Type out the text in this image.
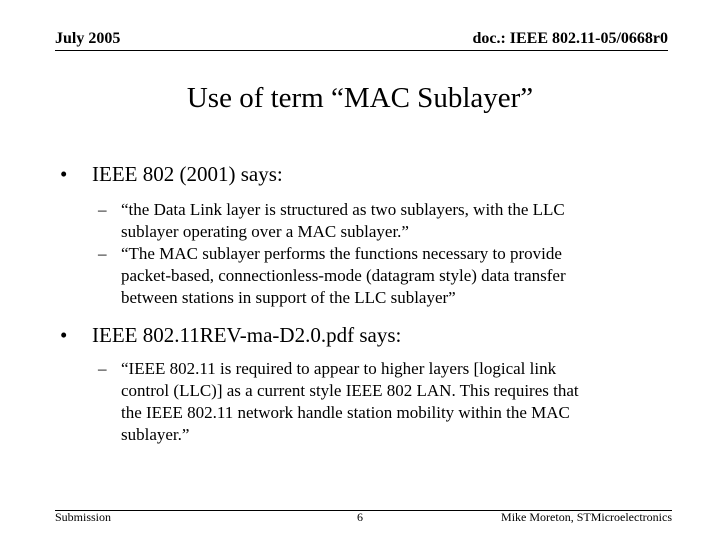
July 2005	doc.: IEEE 802.11-05/0668r0
Use of term “MAC Sublayer”
• IEEE 802 (2001) says:
– “the Data Link layer is structured as two sublayers, with the LLC
sublayer operating over a MAC sublayer.”
– “The MAC sublayer performs the functions necessary to provide
packet-based, connectionless-mode (datagram style) data transfer
between stations in support of the LLC sublayer”
• IEEE 802.11REV-ma-D2.0.pdf says:
– “IEEE 802.11 is required to appear to higher layers [logical link
control (LLC)] as a current style IEEE 802 LAN. This requires that
the IEEE 802.11 network handle station mobility within the MAC
sublayer.”
Submission	6	Mike Moreton, STMicroelectronics
